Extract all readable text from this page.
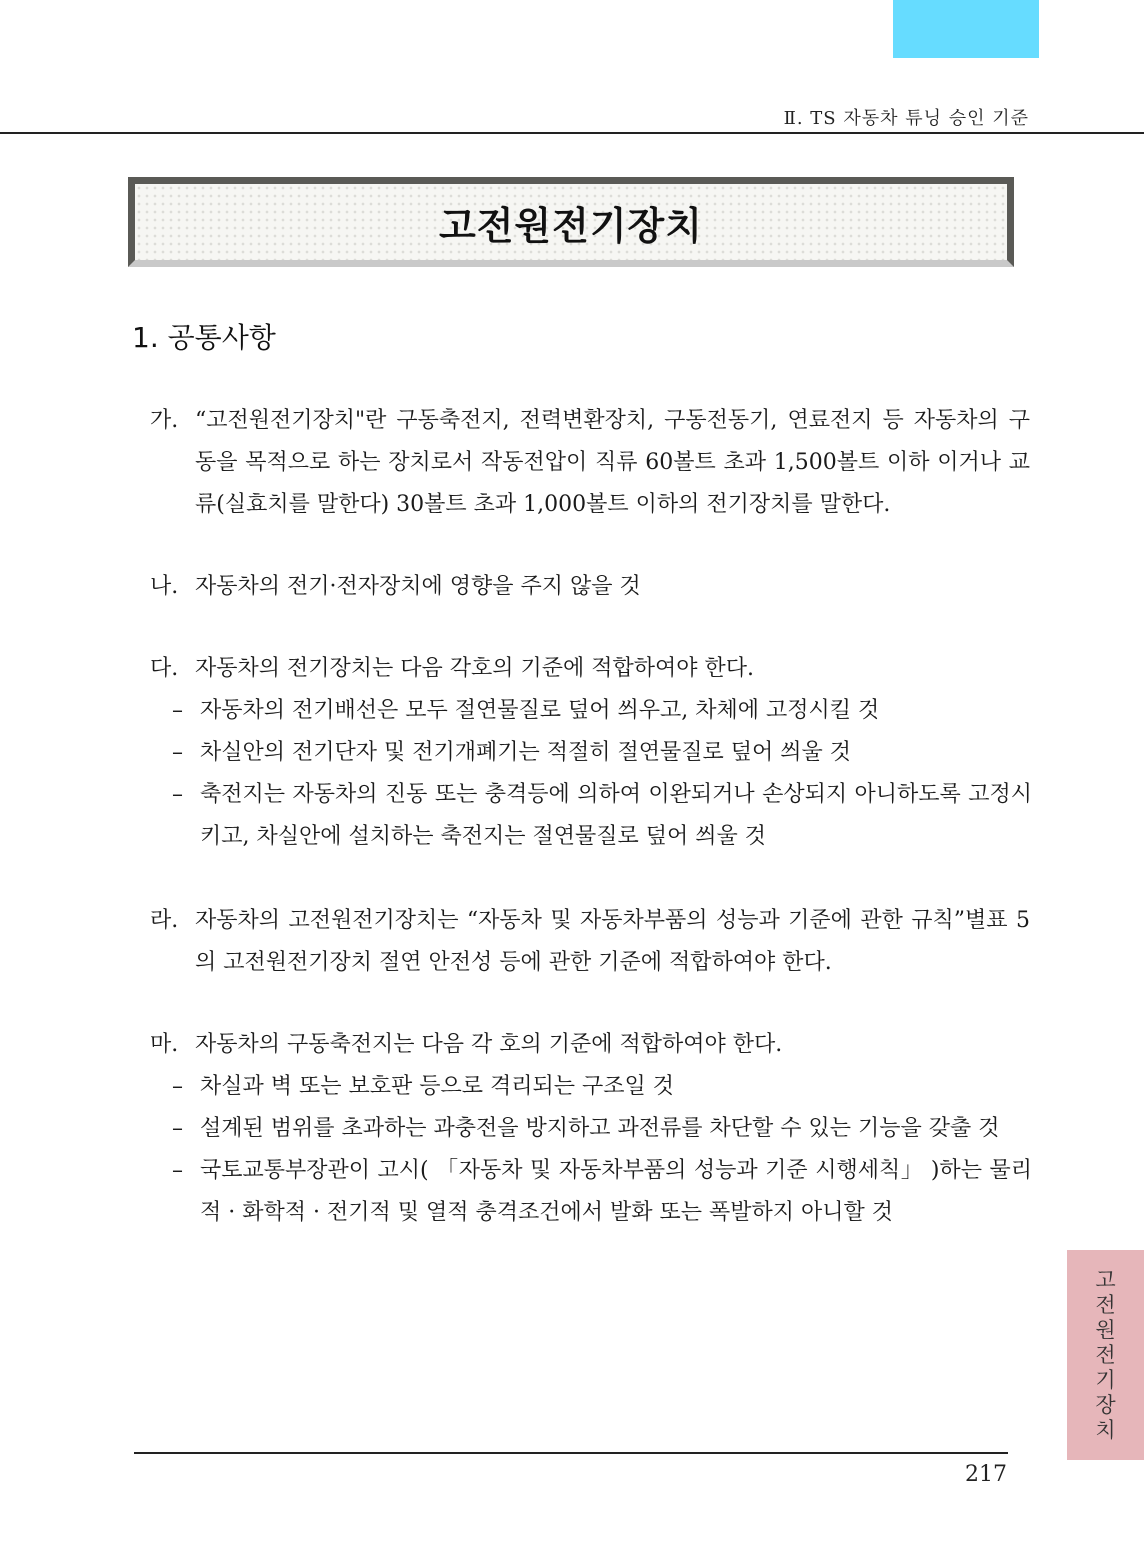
Ⅱ. TS 자동차 튜닝 승인 기준
고전원전기장치
1. 공통사항
가. “고전원전기장치"란 구동축전지, 전력변환장치, 구동전동기, 연료전지 등 자동차의 구동을 목적으로 하는 장치로서 작동전압이 직류 60볼트 초과 1,500볼트 이하 이거나 교류(실효치를 말한다) 30볼트 초과 1,000볼트 이하의 전기장치를 말한다.
나. 자동차의 전기·전자장치에 영향을 주지 않을 것
다. 자동차의 전기장치는 다음 각호의 기준에 적합하여야 한다.
– 자동차의 전기배선은 모두 절연물질로 덮어 씌우고, 차체에 고정시킬 것
– 차실안의 전기단자 및 전기개폐기는 적절히 절연물질로 덮어 씌울 것
– 축전지는 자동차의 진동 또는 충격등에 의하여 이완되거나 손상되지 아니하도록 고정시키고, 차실안에 설치하는 축전지는 절연물질로 덮어 씌울 것
라. 자동차의 고전원전기장치는 “자동차 및 자동차부품의 성능과 기준에 관한 규칙”별표 5의 고전원전기장치 절연 안전성 등에 관한 기준에 적합하여야 한다.
마. 자동차의 구동축전지는 다음 각 호의 기준에 적합하여야 한다.
– 차실과 벽 또는 보호판 등으로 격리되는 구조일 것
– 설계된 범위를 초과하는 과충전을 방지하고 과전류를 차단할 수 있는 기능을 갖출 것
– 국토교통부장관이 고시( 「자동차 및 자동차부품의 성능과 기준 시행세칙」 )하는 물리적 · 화학적 · 전기적 및 열적 충격조건에서 발화 또는 폭발하지 아니할 것
고
전
원
전
기
장
치
217
